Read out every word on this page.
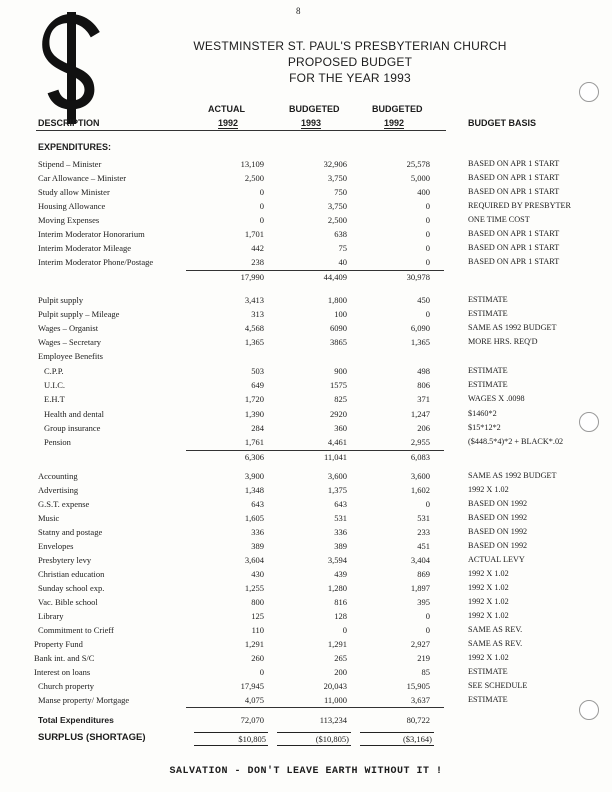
8
WESTMINSTER ST. PAUL'S PRESBYTERIAN CHURCH
PROPOSED BUDGET
FOR THE YEAR 1993
ACTUAL	BUDGETED	BUDGETED
DESCRIPTION	1992	1993	1992	BUDGET BASIS
EXPENDITURES:
Stipend – Minister	13,109	32,906	25,578	BASED ON APR 1 START
Car Allowance – Minister	2,500	3,750	5,000	BASED ON APR 1 START
Study allow Minister	0	750	400	BASED ON APR 1 START
Housing Allowance	0	3,750	0	REQUIRED BY PRESBYTER
Moving Expenses	0	2,500	0	ONE TIME COST
Interim Moderator Honorarium	1,701	638	0	BASED ON APR 1 START
Interim Moderator Mileage	442	75	0	BASED ON APR 1 START
Interim Moderator Phone/Postage	238	40	0	BASED ON APR 1 START
17,990	44,409	30,978
Pulpit supply	3,413	1,800	450	ESTIMATE
Pulpit supply – Mileage	313	100	0	ESTIMATE
Wages – Organist	4,568	6090	6,090	SAME AS 1992 BUDGET
Wages – Secretary	1,365	3865	1,365	MORE HRS. REQ'D
Employee Benefits
C.P.P.	503	900	498	ESTIMATE
U.I.C.	649	1575	806	ESTIMATE
E.H.T	1,720	825	371	WAGES X .0098
Health and dental	1,390	2920	1,247	$1460*2
Group insurance	284	360	206	$15*12*2
Pension	1,761	4,461	2,955	($448.5*4)*2 + BLACK*.02
6,306	11,041	6,083
Accounting	3,900	3,600	3,600	SAME AS 1992 BUDGET
Advertising	1,348	1,375	1,602	1992 X 1.02
G.S.T. expense	643	643	0	BASED ON 1992
Music	1,605	531	531	BASED ON 1992
Statny and postage	336	336	233	BASED ON 1992
Envelopes	389	389	451	BASED ON 1992
Presbytery levy	3,604	3,594	3,404	ACTUAL LEVY
Christian education	430	439	869	1992 X 1.02
Sunday school exp.	1,255	1,280	1,897	1992 X 1.02
Vac. Bible school	800	816	395	1992 X 1.02
Library	125	128	0	1992 X 1.02
Commitment to Crieff	110	0	0	SAME AS REV.
Property Fund	1,291	1,291	2,927	SAME AS REV.
Bank int. and S/C	260	265	219	1992 X 1.02
Interest on loans	0	200	85	ESTIMATE
Church property	17,945	20,043	15,905	SEE SCHEDULE
Manse property/ Mortgage	4,075	11,000	3,637	ESTIMATE
Total Expenditures	72,070	113,234	80,722
SURPLUS (SHORTAGE)	$10,805	($10,805)	($3,164)
SALVATION - DON'T LEAVE EARTH WITHOUT IT !
